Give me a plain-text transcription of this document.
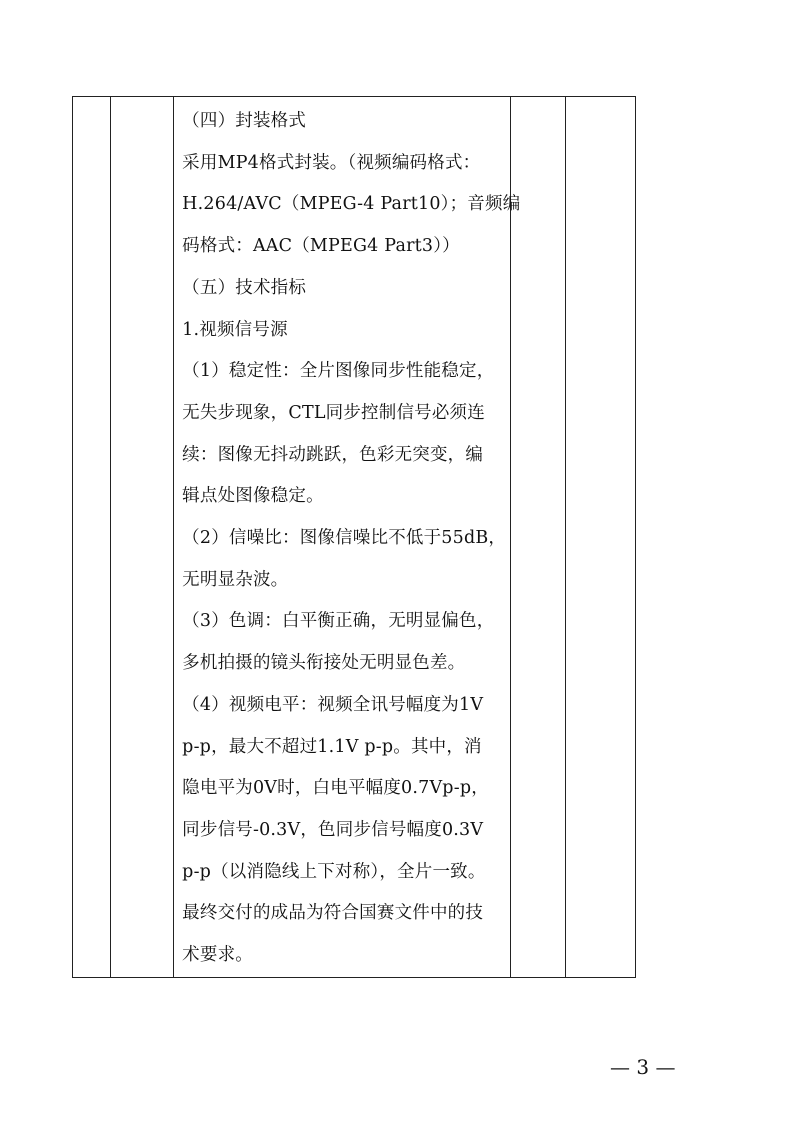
（四）封装格式
采用MP4格式封装。（视频编码格式：
H.264/AVC（MPEG-4 Part10）；音频编
码格式：AAC（MPEG4 Part3））
（五）技术指标
1.视频信号源
（1）稳定性：全片图像同步性能稳定，
无失步现象，CTL同步控制信号必须连
续：图像无抖动跳跃，色彩无突变，编
辑点处图像稳定。
（2）信噪比：图像信噪比不低于55dB，
无明显杂波。
（3）色调：白平衡正确，无明显偏色，
多机拍摄的镜头衔接处无明显色差。
（4）视频电平：视频全讯号幅度为1V
p-p，最大不超过1.1V p-p。其中，消
隐电平为0V时，白电平幅度0.7Vp-p，
同步信号-0.3V，色同步信号幅度0.3V
p-p（以消隐线上下对称），全片一致。
最终交付的成品为符合国赛文件中的技
术要求。

— 3 —
